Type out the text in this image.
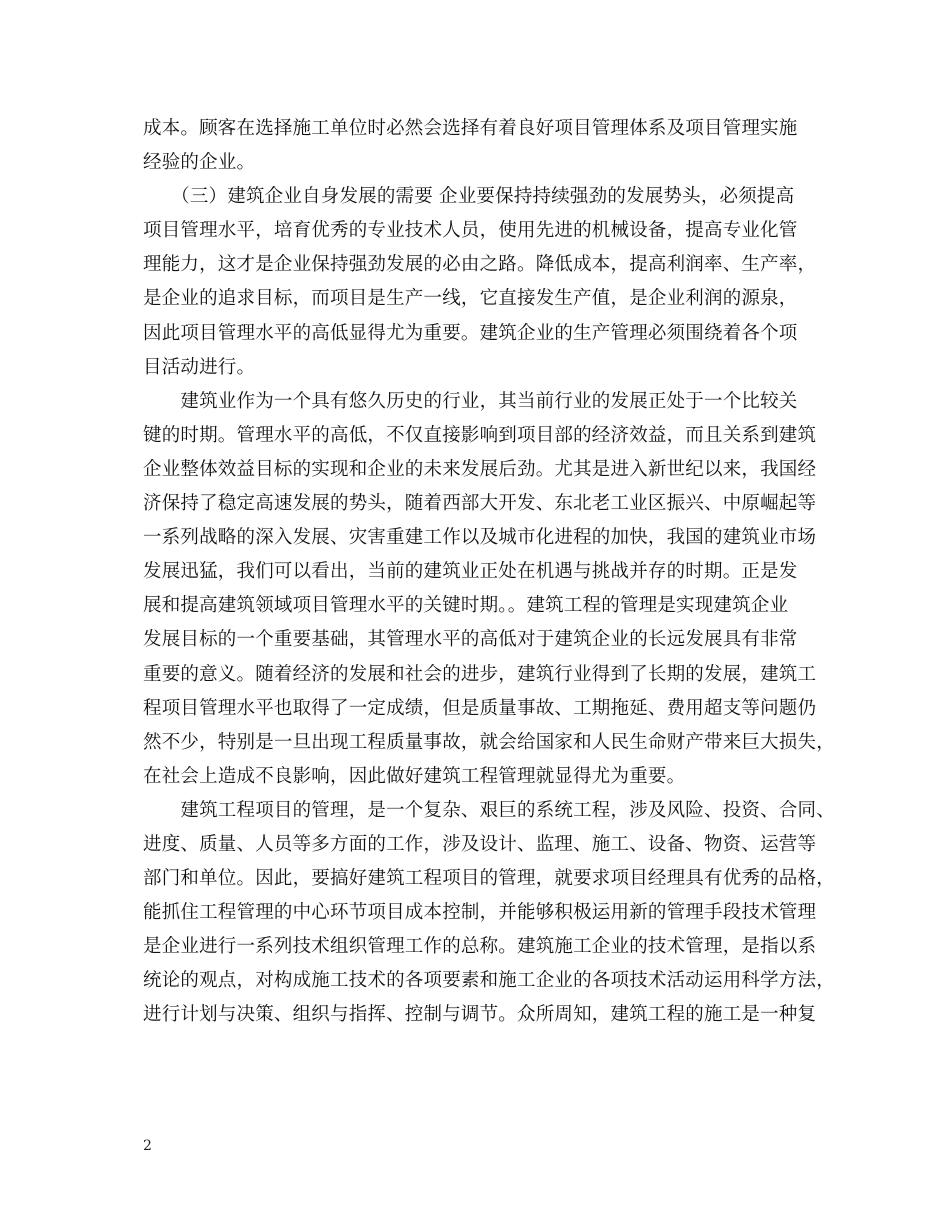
成本。顾客在选择施工单位时必然会选择有着良好项目管理体系及项目管理实施
经验的企业。

　　（三）建筑企业自身发展的需要 企业要保持持续强劲的发展势头，必须提高
项目管理水平，培育优秀的专业技术人员，使用先进的机械设备，提高专业化管
理能力，这才是企业保持强劲发展的必由之路。降低成本，提高利润率、生产率，
是企业的追求目标，而项目是生产一线，它直接发生产值，是企业利润的源泉，
因此项目管理水平的高低显得尤为重要。建筑企业的生产管理必须围绕着各个项
目活动进行。

　　建筑业作为一个具有悠久历史的行业，其当前行业的发展正处于一个比较关
键的时期。管理水平的高低，不仅直接影响到项目部的经济效益，而且关系到建筑
企业整体效益目标的实现和企业的未来发展后劲。尤其是进入新世纪以来，我国经
济保持了稳定高速发展的势头，随着西部大开发、东北老工业区振兴、中原崛起等
一系列战略的深入发展、灾害重建工作以及城市化进程的加快，我国的建筑业市场
发展迅猛，我们可以看出，当前的建筑业正处在机遇与挑战并存的时期。正是发
展和提高建筑领域项目管理水平的关键时期。。建筑工程的管理是实现建筑企业
发展目标的一个重要基础，其管理水平的高低对于建筑企业的长远发展具有非常
重要的意义。随着经济的发展和社会的进步，建筑行业得到了长期的发展，建筑工
程项目管理水平也取得了一定成绩，但是质量事故、工期拖延、费用超支等问题仍
然不少，特别是一旦出现工程质量事故，就会给国家和人民生命财产带来巨大损失，
在社会上造成不良影响，因此做好建筑工程管理就显得尤为重要。

　　建筑工程项目的管理，是一个复杂、艰巨的系统工程，涉及风险、投资、合同、
进度、质量、人员等多方面的工作，涉及设计、监理、施工、设备、物资、运营等
部门和单位。因此，要搞好建筑工程项目的管理，就要求项目经理具有优秀的品格，
能抓住工程管理的中心环节项目成本控制，并能够积极运用新的管理手段技术管理
是企业进行一系列技术组织管理工作的总称。建筑施工企业的技术管理，是指以系
统论的观点，对构成施工技术的各项要素和施工企业的各项技术活动运用科学方法，
进行计划与决策、组织与指挥、控制与调节。众所周知，建筑工程的施工是一种复

2
